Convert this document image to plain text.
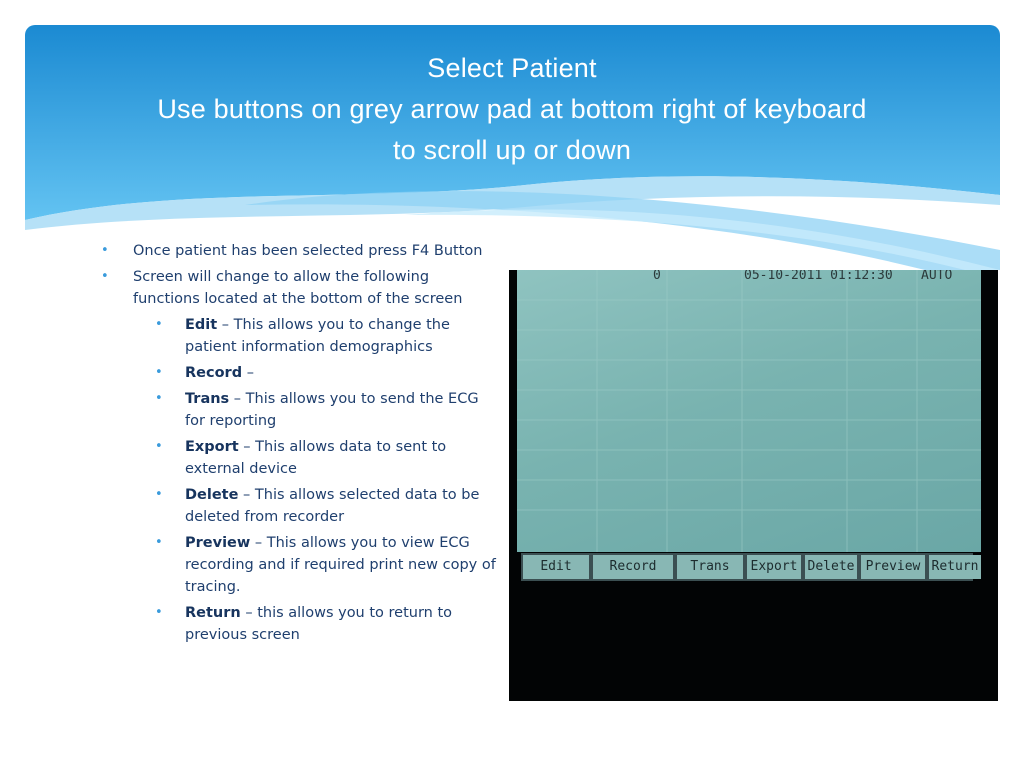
Select Patient
Use buttons on grey arrow pad at bottom right of keyboard
to scroll up or down
• Once patient has been selected press F4 Button
• Screen will change to allow the following functions located at the bottom of the screen
• Edit – This allows you to change the patient information demographics
• Record –
• Trans – This allows you to send the ECG for reporting
• Export – This allows data to sent to external device
• Delete – This allows selected data to be deleted from recorder
• Preview – This allows you to view ECG recording and if required print new copy of tracing.
• Return – this allows you to return to previous screen
0	05-10-2011 01:12:30 AUTO
Edit	Record	Trans	Export Delete Preview Return
